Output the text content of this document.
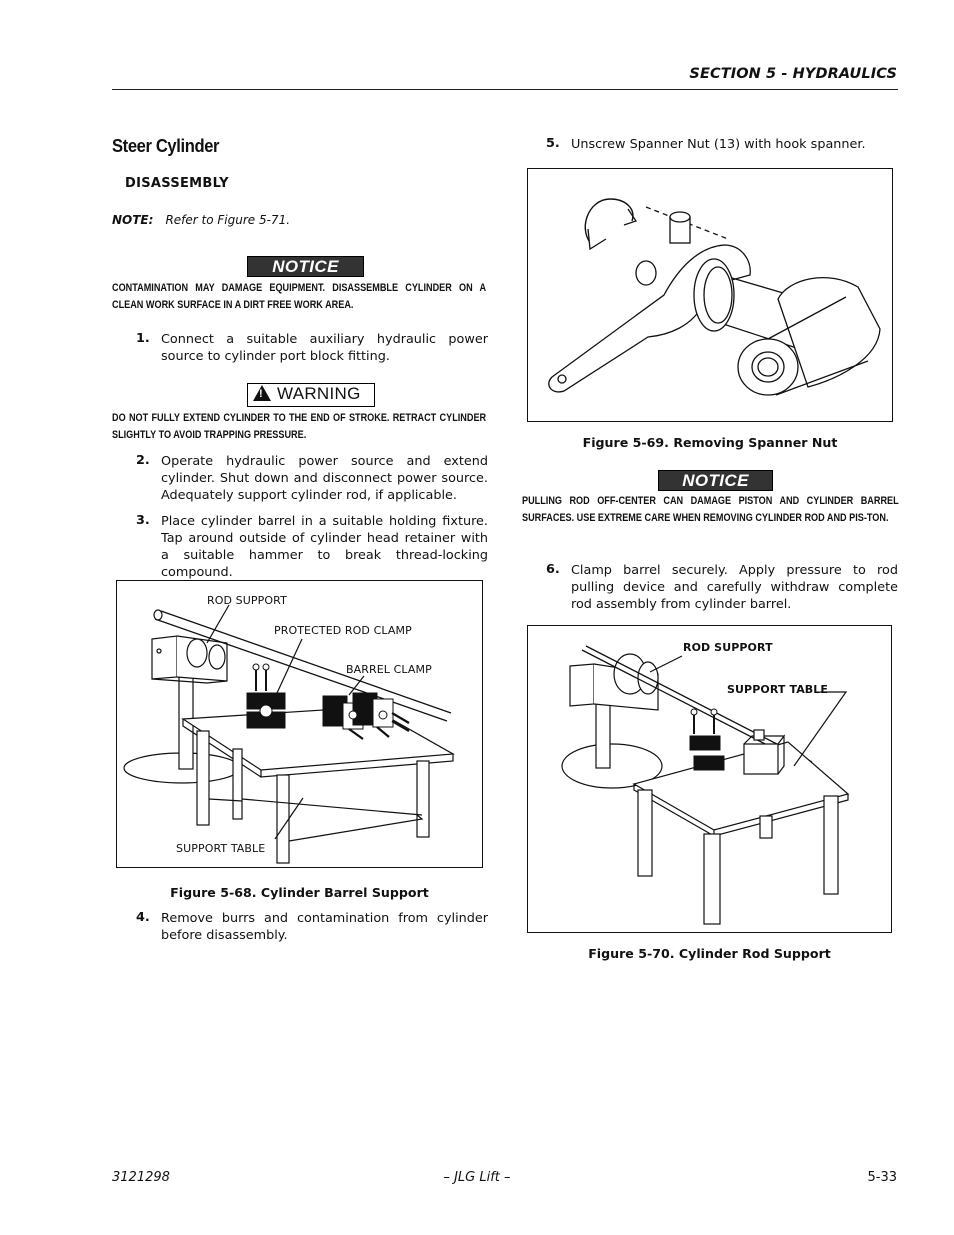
SECTION 5 - HYDRAULICS
Steer Cylinder
DISASSEMBLY
NOTE: Refer to Figure 5-71.
NOTICE
CONTAMINATION MAY DAMAGE EQUIPMENT. DISASSEMBLE CYLINDER ON A CLEAN WORK SURFACE IN A DIRT FREE WORK AREA.
1. Connect a suitable auxiliary hydraulic power source to cylinder port block fitting.
! WARNING
DO NOT FULLY EXTEND CYLINDER TO THE END OF STROKE. RETRACT CYLINDER SLIGHTLY TO AVOID TRAPPING PRESSURE.
2. Operate hydraulic power source and extend cylinder. Shut down and disconnect power source. Adequately support cylinder rod, if applicable.
3. Place cylinder barrel in a suitable holding fixture. Tap around outside of cylinder head retainer with a suitable hammer to break thread-locking compound.
ROD SUPPORT
PROTECTED ROD CLAMP
BARREL CLAMP
SUPPORT TABLE
Figure 5-68. Cylinder Barrel Support
4. Remove burrs and contamination from cylinder before disassembly.
5. Unscrew Spanner Nut (13) with hook spanner.
Figure 5-69. Removing Spanner Nut
NOTICE
PULLING ROD OFF-CENTER CAN DAMAGE PISTON AND CYLINDER BARREL SURFACES. USE EXTREME CARE WHEN REMOVING CYLINDER ROD AND PIS-TON.
6. Clamp barrel securely. Apply pressure to rod pulling device and carefully withdraw complete rod assembly from cylinder barrel.
ROD SUPPORT
SUPPORT TABLE
Figure 5-70. Cylinder Rod Support
3121298	– JLG Lift –	5-33
